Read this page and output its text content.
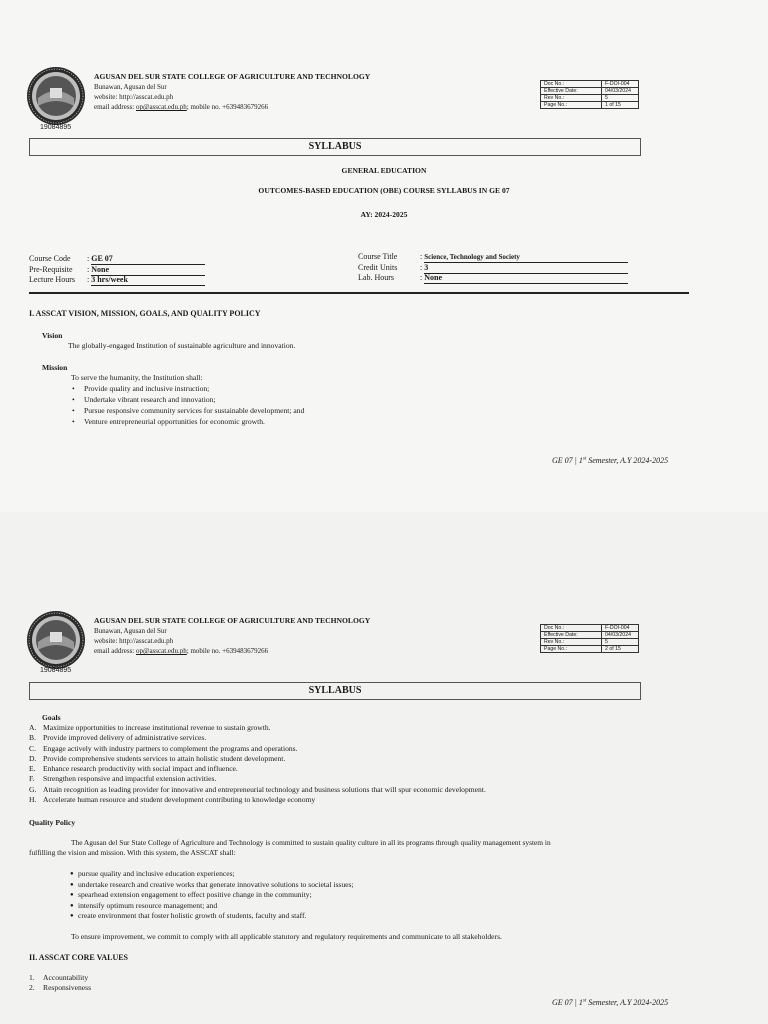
19084895
AGUSAN DEL SUR STATE COLLEGE OF AGRICULTURE AND TECHNOLOGY
Bunawan, Agusan del Sur
website: http://asscat.edu.ph
email address: op@asscat.edu.ph; mobile no. +639483679266
Doc No.:	F-DOI-004
Effective Date:	04/03/2024
Rev No.:	5
Page No.:	1 of 15
SYLLABUS
GENERAL EDUCATION
OUTCOMES-BASED EDUCATION (OBE) COURSE SYLLABUS IN GE 07
AY: 2024-2025
Course Code : GE 07
Pre-Requisite : None
Lecture Hours : 3 hrs/week
Course Title	: Science, Technology and Society
Credit Units	: 3
Lab. Hours	: None
I. ASSCAT VISION, MISSION, GOALS, AND QUALITY POLICY
Vision
The globally-engaged Institution of sustainable agriculture and innovation.
Mission
To serve the humanity, the Institution shall:
• Provide quality and inclusive instruction;
• Undertake vibrant research and innovation;
• Pursue responsive community services for sustainable development; and
• Venture entrepreneurial opportunities for economic growth.
GE 07 | 1st Semester, A.Y 2024-2025
19084895
AGUSAN DEL SUR STATE COLLEGE OF AGRICULTURE AND TECHNOLOGY
Bunawan, Agusan del Sur
website: http://asscat.edu.ph
email address: op@asscat.edu.ph; mobile no. +639483679266
Doc No.:	F-DOI-004
Effective Date:	04/03/2024
Rev No.:	5
Page No.:	2 of 15
SYLLABUS
Goals
A. Maximize opportunities to increase institutional revenue to sustain growth.
B. Provide improved delivery of administrative services.
C. Engage actively with industry partners to complement the programs and operations.
D. Provide comprehensive students services to attain holistic student development.
E. Enhance research productivity with social impact and influence.
F. Strengthen responsive and impactful extension activities.
G. Attain recognition as leading provider for innovative and entrepreneurial technology and business solutions that will spur economic development.
H. Accelerate human resource and student development contributing to knowledge economy
Quality Policy
The Agusan del Sur State College of Agriculture and Technology is committed to sustain quality culture in all its programs through quality management system in
fulfilling the vision and mission. With this system, the ASSCAT shall:
● pursue quality and inclusive education experiences;
● undertake research and creative works that generate innovative solutions to societal issues;
● spearhead extension engagement to effect positive change in the community;
● intensify optimum resource management; and
● create environment that foster holistic growth of students, faculty and staff.
To ensure improvement, we commit to comply with all applicable statutory and regulatory requirements and communicate to all stakeholders.
II. ASSCAT CORE VALUES
1. Accountability
2. Responsiveness
GE 07 | 1st Semester, A.Y 2024-2025
